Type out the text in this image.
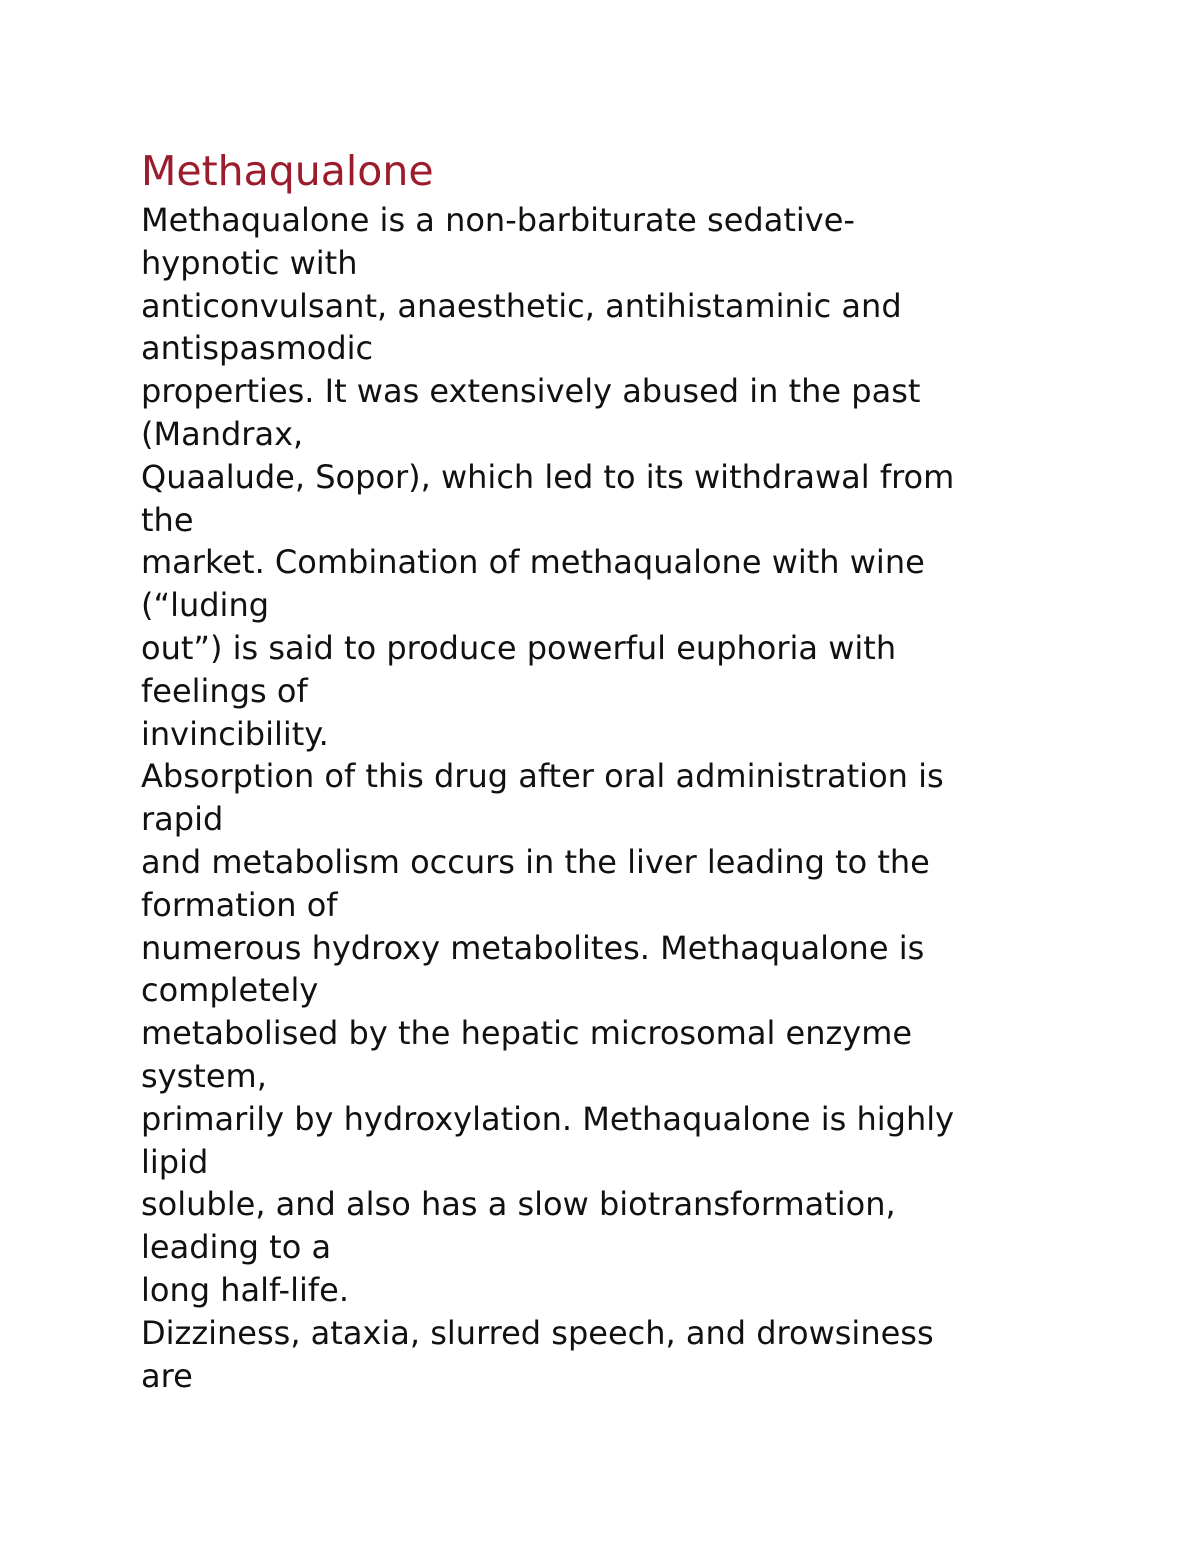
Methaqualone

Methaqualone is a non-barbiturate sedative-

hypnotic with

anticonvulsant, anaesthetic, antihistaminic and

antispasmodic

properties. It was extensively abused in the past

(Mandrax,

Quaalude, Sopor), which led to its withdrawal from

the

market. Combination of methaqualone with wine

(“luding

out”) is said to produce powerful euphoria with

feelings of

invincibility.

Absorption of this drug after oral administration is

rapid

and metabolism occurs in the liver leading to the

formation of

numerous hydroxy metabolites. Methaqualone is

completely

metabolised by the hepatic microsomal enzyme

system,

primarily by hydroxylation. Methaqualone is highly

lipid

soluble, and also has a slow biotransformation,

leading to a

long half-life.

Dizziness, ataxia, slurred speech, and drowsiness

are
